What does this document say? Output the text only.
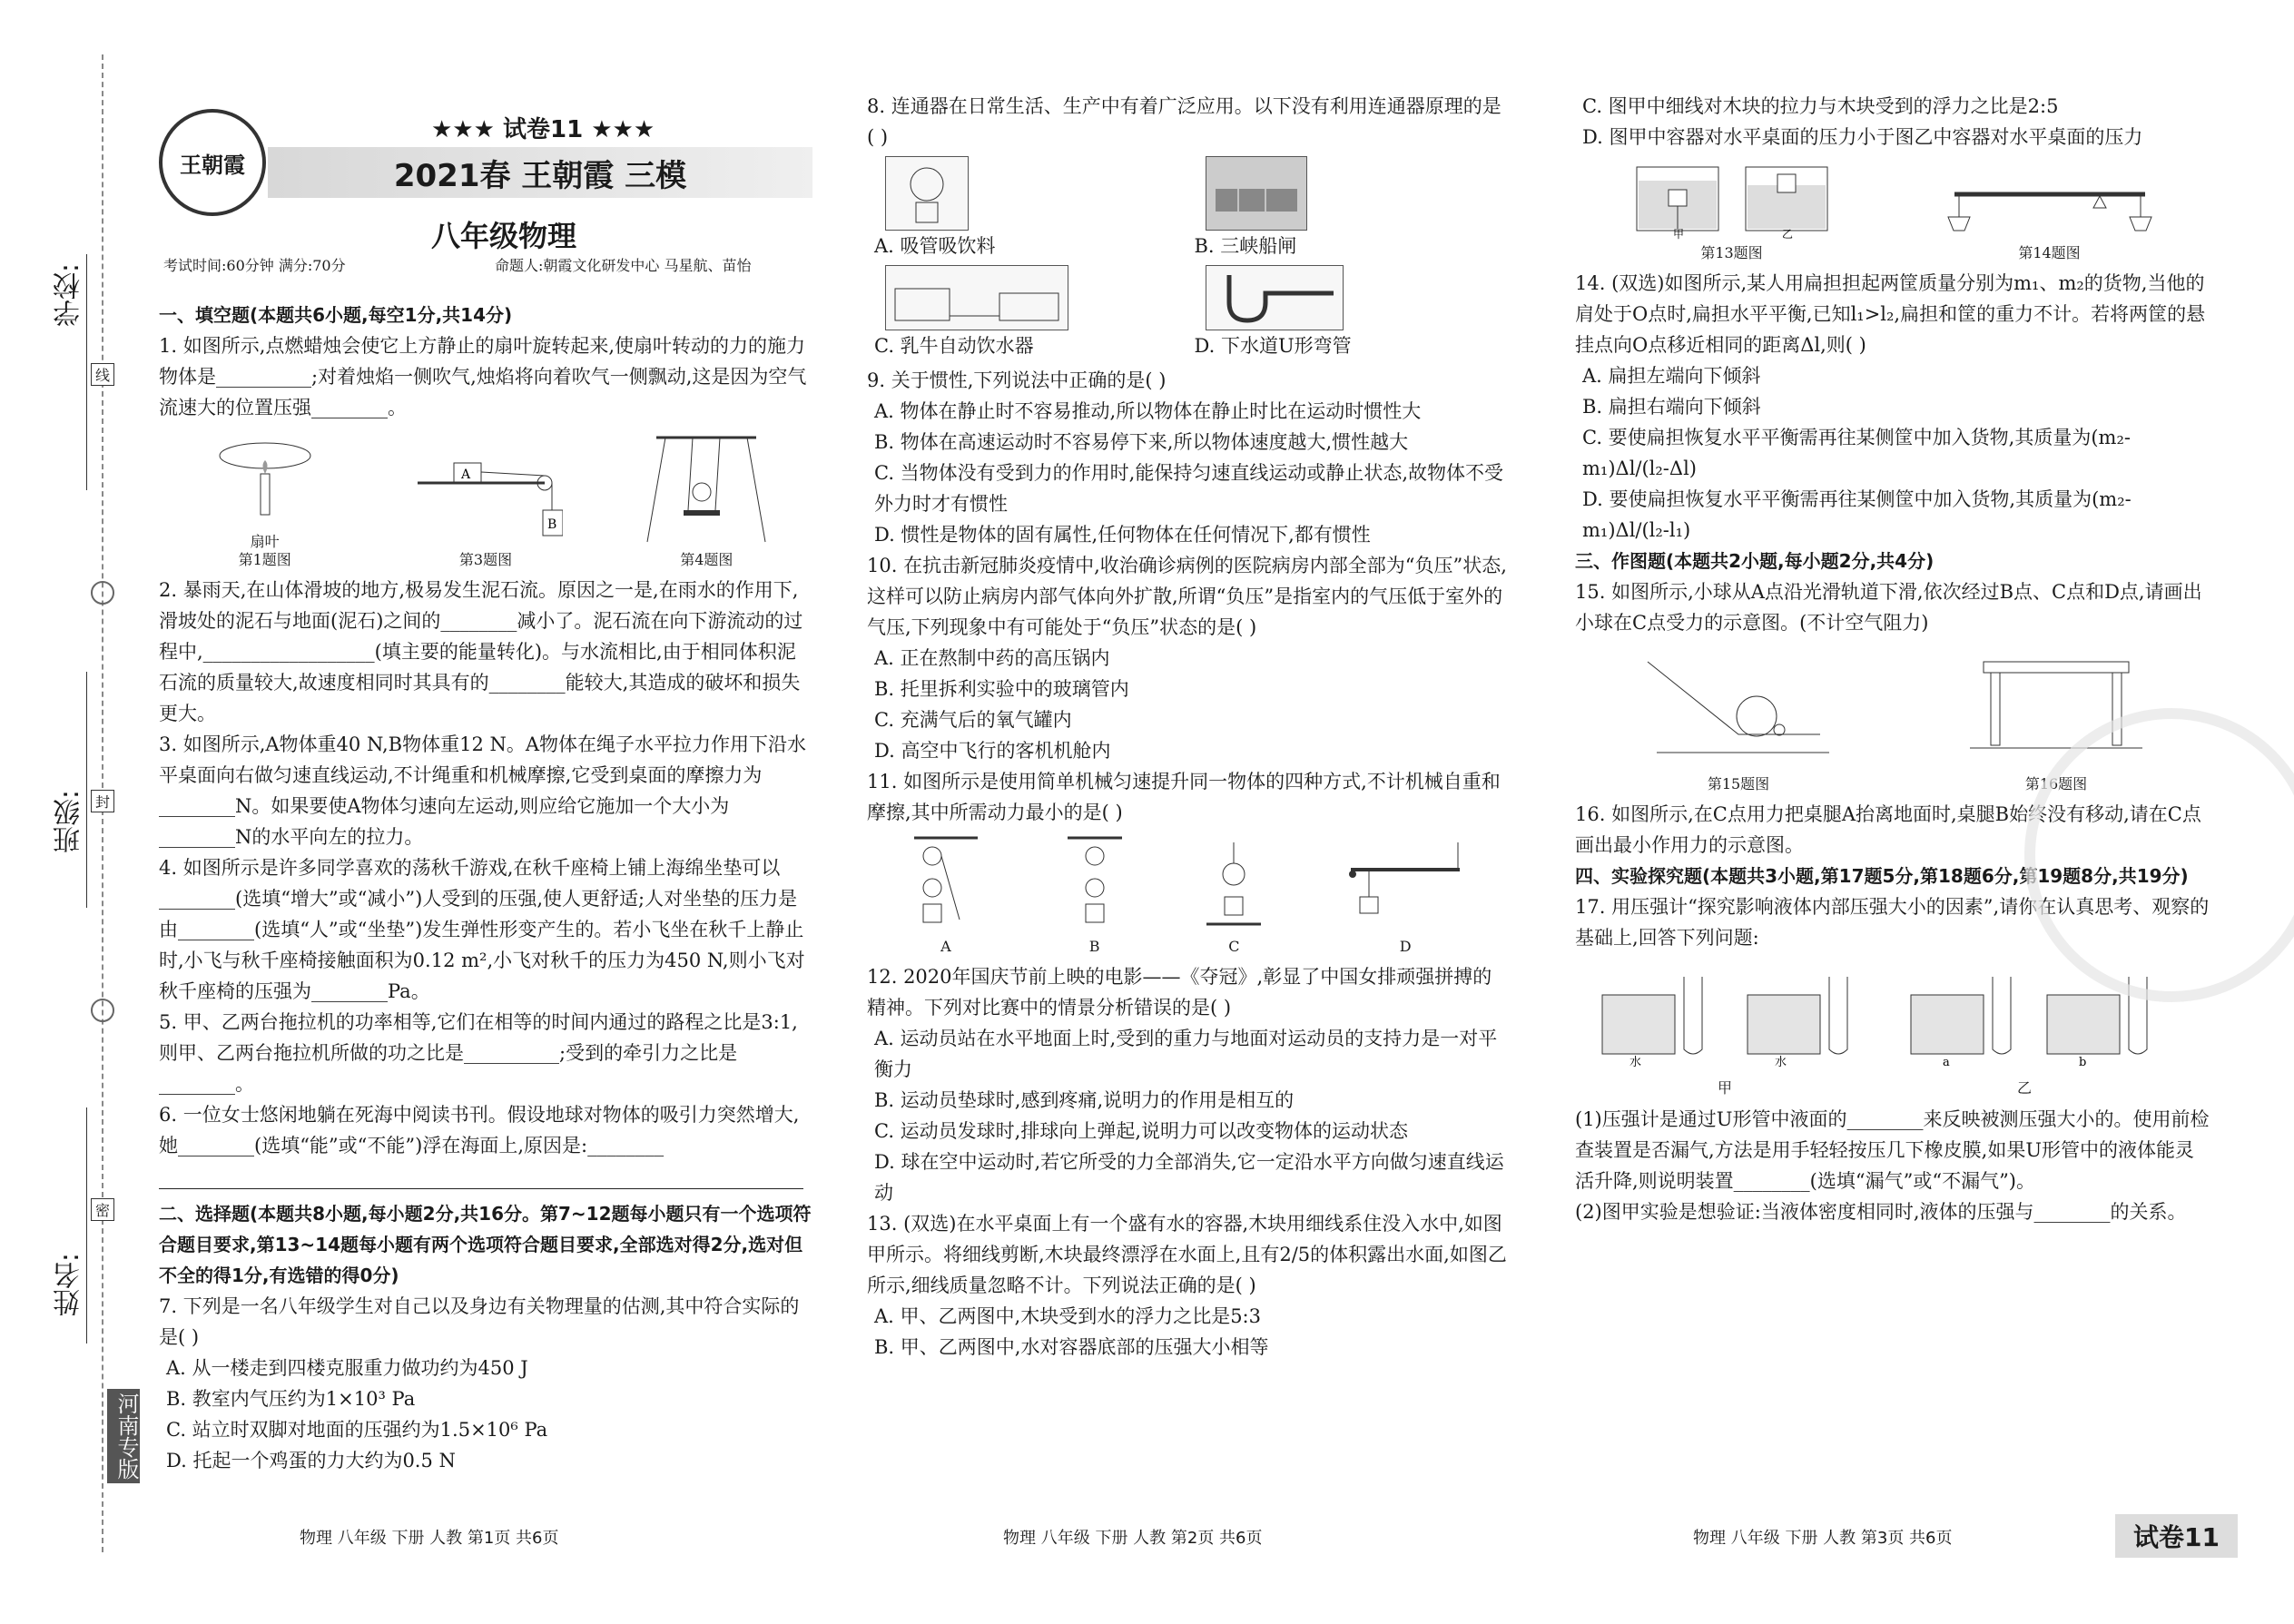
学校:
班级:
姓名:
线
封
密
河南专版
王朝霞
★★★ 试卷11 ★★★
2021春 王朝霞 三模
八年级物理
考试时间:60分钟 满分:70分	命题人:朝霞文化研发中心 马星航、苗怡

一、填空题(本题共6小题,每空1分,共14分)

1. 如图所示,点燃蜡烛会使它上方静止的扇叶旋转起来,使扇叶转动的力的施力物体是__________;对着烛焰一侧吹气,烛焰将向着吹气一侧飘动,这是因为空气流速大的位置压强________。

扇叶
第1题图
A
B
第3题图	第4题图

2. 暴雨天,在山体滑坡的地方,极易发生泥石流。原因之一是,在雨水的作用下,滑坡处的泥石与地面(泥石)之间的________减小了。泥石流在向下游流动的过程中,__________________(填主要的能量转化)。与水流相比,由于相同体积泥石流的质量较大,故速度相同时其具有的________能较大,其造成的破坏和损失更大。

3. 如图所示,A物体重40 N,B物体重12 N。A物体在绳子水平拉力作用下沿水平桌面向右做匀速直线运动,不计绳重和机械摩擦,它受到桌面的摩擦力为________N。如果要使A物体匀速向左运动,则应给它施加一个大小为________N的水平向左的拉力。

4. 如图所示是许多同学喜欢的荡秋千游戏,在秋千座椅上铺上海绵坐垫可以________(选填“增大”或“减小”)人受到的压强,使人更舒适;人对坐垫的压力是由________(选填“人”或“坐垫”)发生弹性形变产生的。若小飞坐在秋千上静止时,小飞与秋千座椅接触面积为0.12 m²,小飞对秋千的压力为450 N,则小飞对秋千座椅的压强为________Pa。

5. 甲、乙两台拖拉机的功率相等,它们在相等的时间内通过的路程之比是3:1,则甲、乙两台拖拉机所做的功之比是__________;受到的牵引力之比是________。

6. 一位女士悠闲地躺在死海中阅读书刊。假设地球对物体的吸引力突然增大,她________(选填“能”或“不能”)浮在海面上,原因是:________

二、选择题(本题共8小题,每小题2分,共16分。第7~12题每小题只有一个选项符合题目要求,第13~14题每小题有两个选项符合题目要求,全部选对得2分,选对但不全的得1分,有选错的得0分)

7. 下列是一名八年级学生对自己以及身边有关物理量的估测,其中符合实际的是( )

A. 从一楼走到四楼克服重力做功约为450 J

B. 教室内气压约为1×10³ Pa

C. 站立时双脚对地面的压强约为1.5×10⁶ Pa

D. 托起一个鸡蛋的力大约为0.5 N

8. 连通器在日常生活、生产中有着广泛应用。以下没有利用连通器原理的是( )

A. 吸管吸饮料	B. 三峡船闸

C. 乳牛自动饮水器	D. 下水道U形弯管

9. 关于惯性,下列说法中正确的是( )

A. 物体在静止时不容易推动,所以物体在静止时比在运动时惯性大

B. 物体在高速运动时不容易停下来,所以物体速度越大,惯性越大

C. 当物体没有受到力的作用时,能保持匀速直线运动或静止状态,故物体不受外力时才有惯性

D. 惯性是物体的固有属性,任何物体在任何情况下,都有惯性

10. 在抗击新冠肺炎疫情中,收治确诊病例的医院病房内部全部为“负压”状态,这样可以防止病房内部气体向外扩散,所谓“负压”是指室内的气压低于室外的气压,下列现象中有可能处于“负压”状态的是( )

A. 正在熬制中药的高压锅内

B. 托里拆利实验中的玻璃管内

C. 充满气后的氧气罐内

D. 高空中飞行的客机机舱内

11. 如图所示是使用简单机械匀速提升同一物体的四种方式,不计机械自重和摩擦,其中所需动力最小的是( )

A	B	C	D

12. 2020年国庆节前上映的电影——《夺冠》,彰显了中国女排顽强拼搏的精神。下列对比赛中的情景分析错误的是( )

A. 运动员站在水平地面上时,受到的重力与地面对运动员的支持力是一对平衡力

B. 运动员垫球时,感到疼痛,说明力的作用是相互的

C. 运动员发球时,排球向上弹起,说明力可以改变物体的运动状态

D. 球在空中运动时,若它所受的力全部消失,它一定沿水平方向做匀速直线运动

13. (双选)在水平桌面上有一个盛有水的容器,木块用细线系住没入水中,如图甲所示。将细线剪断,木块最终漂浮在水面上,且有2/5的体积露出水面,如图乙所示,细线质量忽略不计。下列说法正确的是( )

A. 甲、乙两图中,木块受到水的浮力之比是5:3

B. 甲、乙两图中,水对容器底部的压强大小相等

C. 图甲中细线对木块的拉力与木块受到的浮力之比是2:5

D. 图甲中容器对水平桌面的压力小于图乙中容器对水平桌面的压力

甲	乙
第13题图	第14题图

14. (双选)如图所示,某人用扁担担起两筐质量分别为m₁、m₂的货物,当他的肩处于O点时,扁担水平平衡,已知l₁>l₂,扁担和筐的重力不计。若将两筐的悬挂点向O点移近相同的距离Δl,则( )

A. 扁担左端向下倾斜

B. 扁担右端向下倾斜

C. 要使扁担恢复水平平衡需再往某侧筐中加入货物,其质量为(m₂-m₁)Δl/(l₂-Δl)

D. 要使扁担恢复水平平衡需再往某侧筐中加入货物,其质量为(m₂-m₁)Δl/(l₂-l₁)

三、作图题(本题共2小题,每小题2分,共4分)

15. 如图所示,小球从A点沿光滑轨道下滑,依次经过B点、C点和D点,请画出小球在C点受力的示意图。(不计空气阻力)

第15题图	第16题图

16. 如图所示,在C点用力把桌腿A抬离地面时,桌腿B始终没有移动,请在C点画出最小作用力的示意图。

四、实验探究题(本题共3小题,第17题5分,第18题6分,第19题8分,共19分)

17. 用压强计“探究影响液体内部压强大小的因素”,请你在认真思考、观察的基础上,回答下列问题:

水	水	a	b
甲	乙

(1)压强计是通过U形管中液面的________来反映被测压强大小的。使用前检查装置是否漏气,方法是用手轻轻按压几下橡皮膜,如果U形管中的液体能灵活升降,则说明装置________(选填“漏气”或“不漏气”)。

(2)图甲实验是想验证:当液体密度相同时,液体的压强与________的关系。

物理 八年级 下册 人教 第1页 共6页	物理 八年级 下册 人教 第2页 共6页	物理 八年级 下册 人教 第3页 共6页	试卷11
